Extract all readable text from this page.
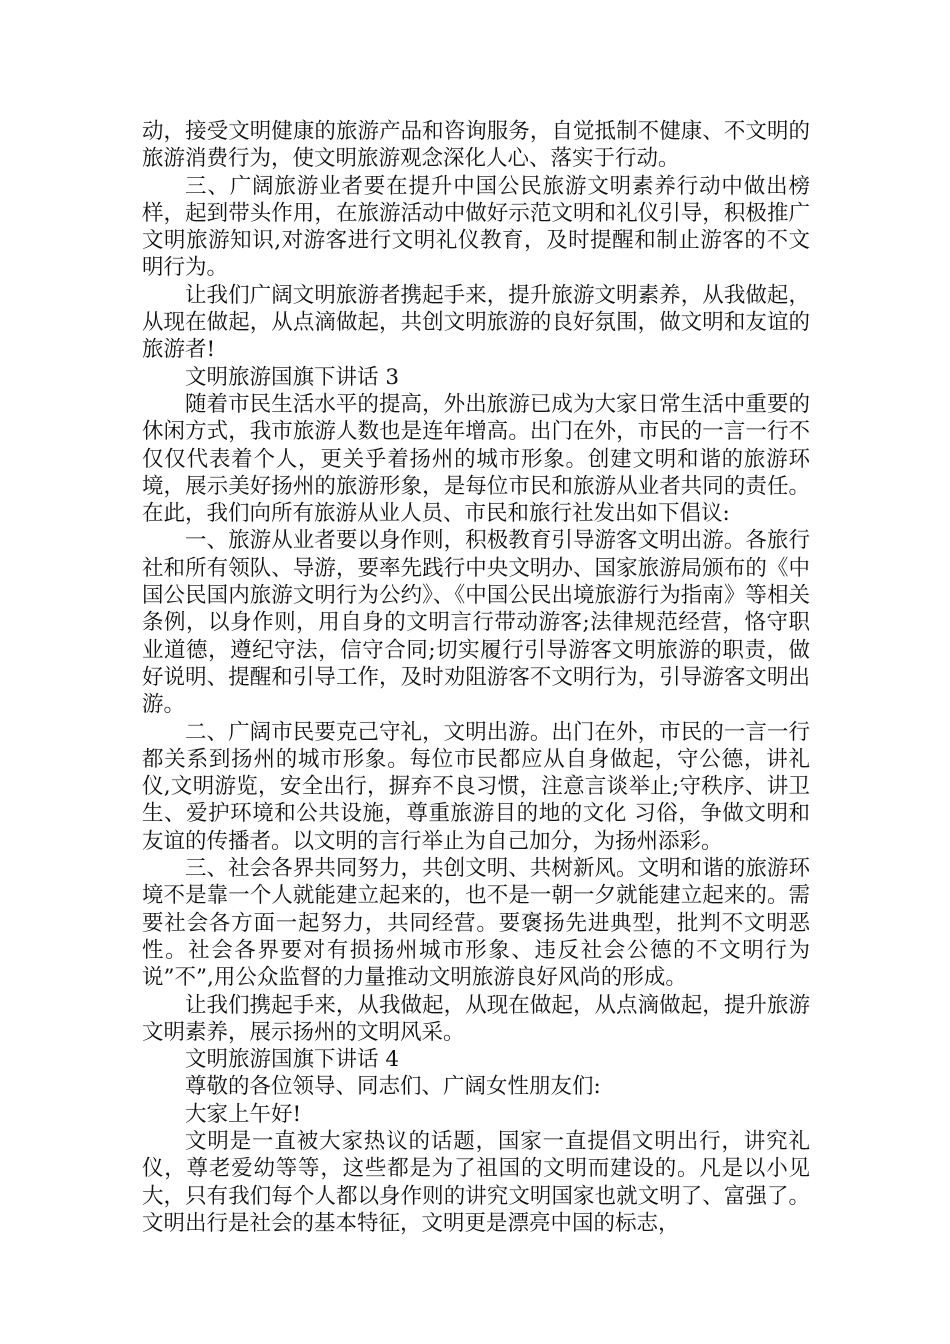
动，接受文明健康的旅游产品和咨询服务，自觉抵制不健康、不文明的旅游消费行为，使文明旅游观念深化人心、落实于行动。

三、广阔旅游业者要在提升中国公民旅游文明素养行动中做出榜样，起到带头作用，在旅游活动中做好示范文明和礼仪引导，积极推广文明旅游知识,对游客进行文明礼仪教育，及时提醒和制止游客的不文明行为。

让我们广阔文明旅游者携起手来，提升旅游文明素养，从我做起，从现在做起，从点滴做起，共创文明旅游的良好氛围，做文明和友谊的旅游者!

文明旅游国旗下讲话 3

随着市民生活水平的提高，外出旅游已成为大家日常生活中重要的休闲方式，我市旅游人数也是连年增高。出门在外，市民的一言一行不仅仅代表着个人，更关乎着扬州的城市形象。创建文明和谐的旅游环境，展示美好扬州的旅游形象，是每位市民和旅游从业者共同的责任。在此，我们向所有旅游从业人员、市民和旅行社发出如下倡议:

一、旅游从业者要以身作则，积极教育引导游客文明出游。各旅行社和所有领队、导游，要率先践行中央文明办、国家旅游局颁布的《中国公民国内旅游文明行为公约》、《中国公民出境旅游行为指南》等相关条例，以身作则，用自身的文明言行带动游客;法律规范经营，恪守职业道德，遵纪守法，信守合同;切实履行引导游客文明旅游的职责，做好说明、提醒和引导工作，及时劝阻游客不文明行为，引导游客文明出游。

二、广阔市民要克己守礼，文明出游。出门在外，市民的一言一行都关系到扬州的城市形象。每位市民都应从自身做起，守公德，讲礼仪,文明游览，安全出行，摒弃不良习惯，注意言谈举止;守秩序、讲卫生、爱护环境和公共设施，尊重旅游目的地的文化 习俗，争做文明和友谊的传播者。以文明的言行举止为自己加分，为扬州添彩。

三、社会各界共同努力，共创文明、共树新风。文明和谐的旅游环境不是靠一个人就能建立起来的，也不是一朝一夕就能建立起来的。需要社会各方面一起努力，共同经营。要褒扬先进典型，批判不文明恶性。社会各界要对有损扬州城市形象、违反社会公德的不文明行为说”不”,用公众监督的力量推动文明旅游良好风尚的形成。

让我们携起手来，从我做起，从现在做起，从点滴做起，提升旅游文明素养，展示扬州的文明风采。

文明旅游国旗下讲话 4

尊敬的各位领导、同志们、广阔女性朋友们:

大家上午好!

文明是一直被大家热议的话题，国家一直提倡文明出行，讲究礼仪，尊老爱幼等等，这些都是为了祖国的文明而建设的。凡是以小见大，只有我们每个人都以身作则的讲究文明国家也就文明了、富强了。文明出行是社会的基本特征，文明更是漂亮中国的标志，
